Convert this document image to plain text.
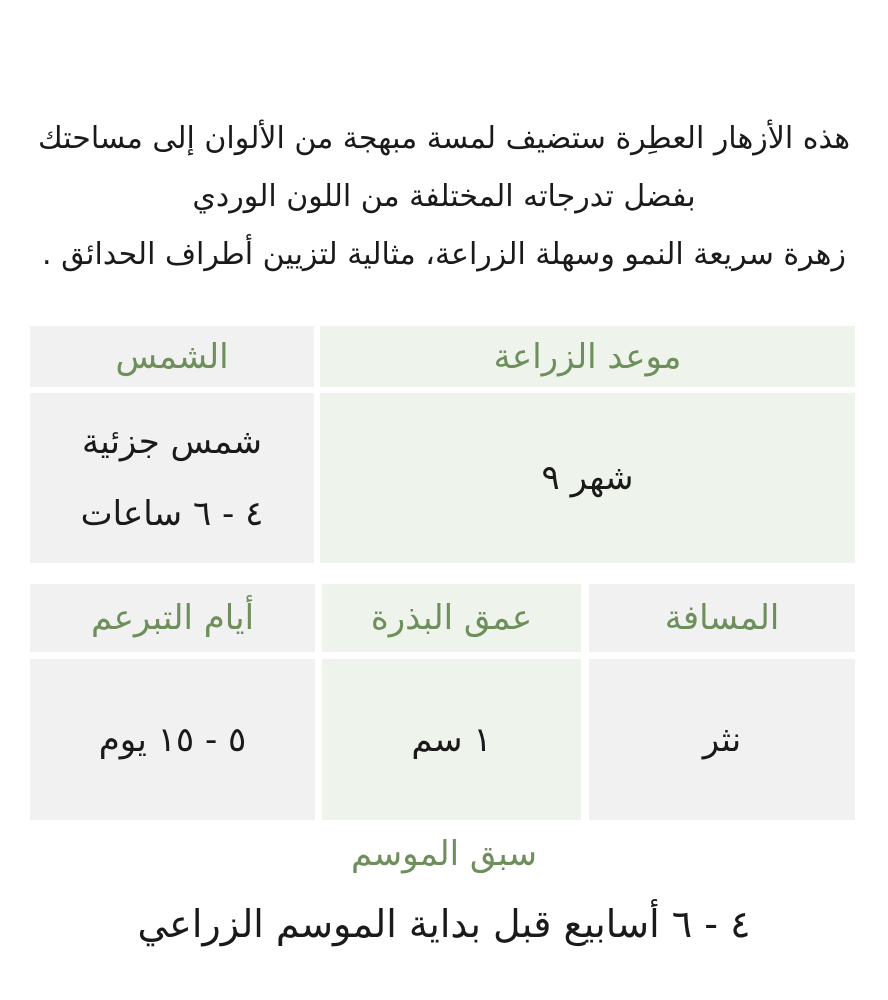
هذه الأزهار العطِرة ستضيف لمسة مبهجة من الألوان إلى مساحتك

بفضل تدرجاته المختلفة من اللون الوردي

زهرة سريعة النمو وسهلة الزراعة، مثالية لتزيين أطراف الحدائق .

موعد الزراعة
الشمس
شهر ٩
شمس جزئية
٤ - ٦ ساعات
المسافة
عمق البذرة
أيام التبرعم
نثر
١ سم
٥ - ١٥ يوم
سبق الموسم
٤ - ٦ أسابيع قبل بداية الموسم الزراعي
